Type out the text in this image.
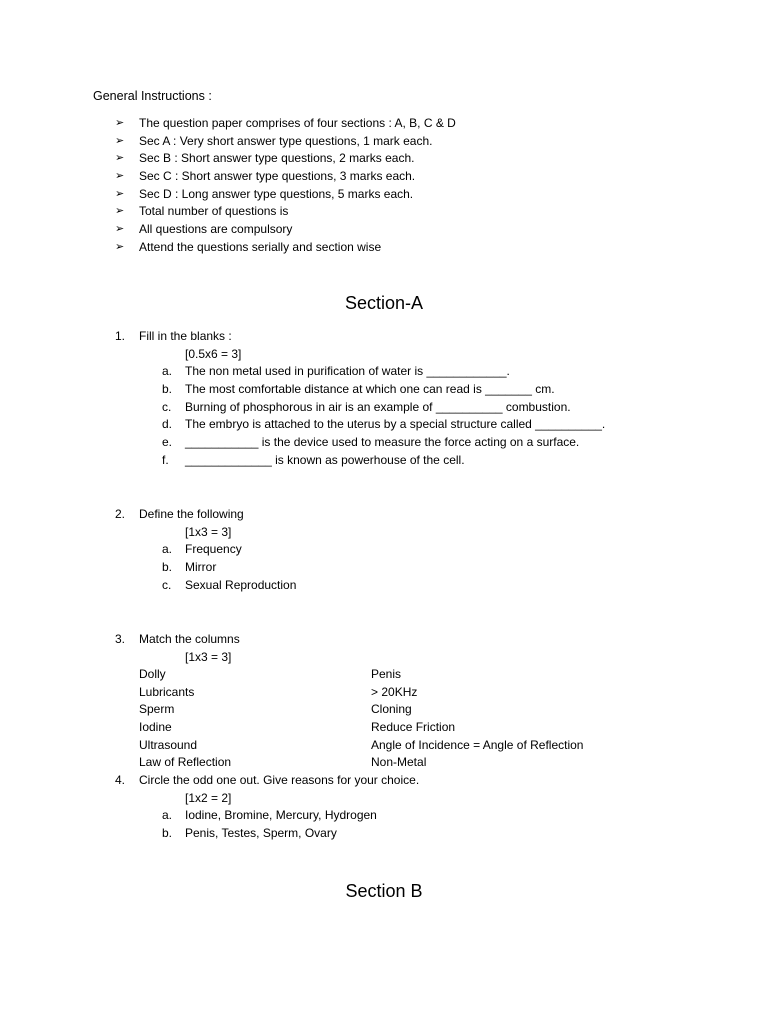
General Instructions :
➢	The question paper comprises of four sections : A, B, C & D
➢	Sec A : Very short answer type questions, 1 mark each.
➢	Sec B : Short answer type questions, 2 marks each.
➢	Sec C : Short answer type questions, 3 marks each.
➢	Sec D : Long answer type questions, 5 marks each.
➢	Total number of questions is
➢	All questions are compulsory
➢	Attend the questions serially and section wise
Section-A
1.	Fill in the blanks :
[0.5x6 = 3]
a.	The non metal used in purification of water is ____________.
b.	The most comfortable distance at which one can read is _______ cm.
c.	Burning of phosphorous in air is an example of __________ combustion.
d.	The embryo is attached to the uterus by a special structure called __________.
e.	___________ is the device used to measure the force acting on a surface.
f.	_____________ is known as powerhouse of the cell.
2.	Define the following
[1x3 = 3]
a.	Frequency
b.	Mirror
c.	Sexual Reproduction
3.	Match the columns
[1x3 = 3]
Dolly	Penis
Lubricants	> 20KHz
Sperm	Cloning
Iodine	Reduce Friction
Ultrasound	Angle of Incidence = Angle of Reflection
Law of Reflection	Non-Metal
4.	Circle the odd one out. Give reasons for your choice.
[1x2 = 2]
a.	Iodine, Bromine, Mercury, Hydrogen
b.	Penis, Testes, Sperm, Ovary
Section B
